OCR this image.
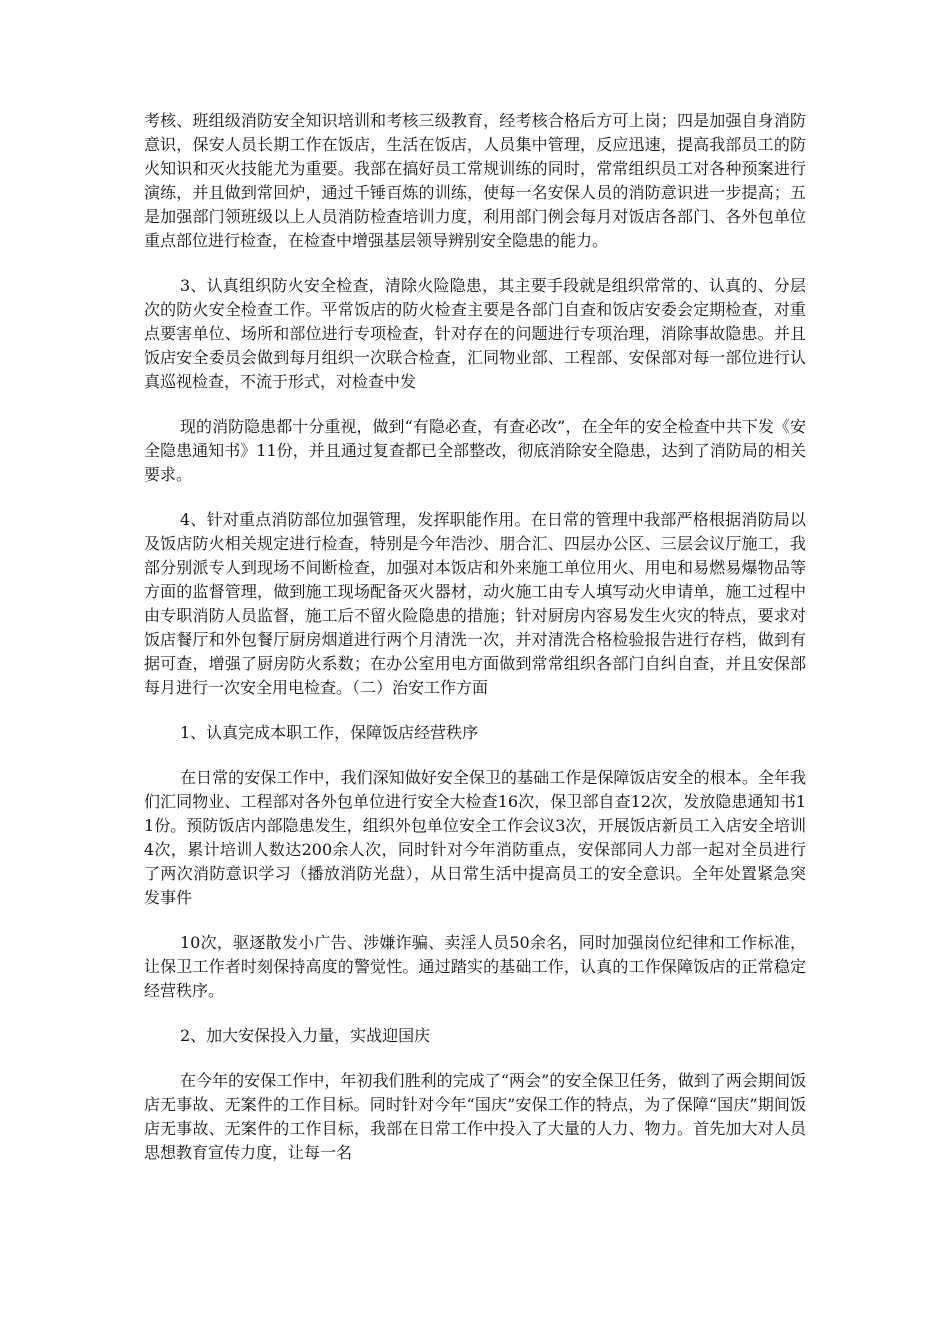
考核、班组级消防安全知识培训和考核三级教育，经考核合格后方可上岗；四是加强自身消防意识，保安人员长期工作在饭店，生活在饭店，人员集中管理，反应迅速，提高我部员工的防火知识和灭火技能尤为重要。我部在搞好员工常规训练的同时，常常组织员工对各种预案进行演练，并且做到常回炉，通过千锤百炼的训练，使每一名安保人员的消防意识进一步提高；五是加强部门领班级以上人员消防检查培训力度，利用部门例会每月对饭店各部门、各外包单位重点部位进行检查，在检查中增强基层领导辨别安全隐患的能力。

3、认真组织防火安全检查，清除火险隐患，其主要手段就是组织常常的、认真的、分层次的防火安全检查工作。平常饭店的防火检查主要是各部门自查和饭店安委会定期检查，对重点要害单位、场所和部位进行专项检查，针对存在的问题进行专项治理，消除事故隐患。并且饭店安全委员会做到每月组织一次联合检查，汇同物业部、工程部、安保部对每一部位进行认真巡视检查，不流于形式，对检查中发

现的消防隐患都十分重视，做到“有隐必查，有查必改”，在全年的安全检查中共下发《安全隐患通知书》11份，并且通过复查都已全部整改，彻底消除安全隐患，达到了消防局的相关要求。

4、针对重点消防部位加强管理，发挥职能作用。在日常的管理中我部严格根据消防局以及饭店防火相关规定进行检查，特别是今年浩沙、朋合汇、四层办公区、三层会议厅施工，我部分别派专人到现场不间断检查，加强对本饭店和外来施工单位用火、用电和易燃易爆物品等方面的监督管理，做到施工现场配备灭火器材，动火施工由专人填写动火申请单，施工过程中由专职消防人员监督，施工后不留火险隐患的措施；针对厨房内容易发生火灾的特点，要求对饭店餐厅和外包餐厅厨房烟道进行两个月清洗一次，并对清洗合格检验报告进行存档，做到有据可查，增强了厨房防火系数；在办公室用电方面做到常常组织各部门自纠自查，并且安保部每月进行一次安全用电检查。（二）治安工作方面

1、认真完成本职工作，保障饭店经营秩序

在日常的安保工作中，我们深知做好安全保卫的基础工作是保障饭店安全的根本。全年我们汇同物业、工程部对各外包单位进行安全大检查16次，保卫部自查12次，发放隐患通知书11份。预防饭店内部隐患发生，组织外包单位安全工作会议3次，开展饭店新员工入店安全培训4次，累计培训人数达200余人次，同时针对今年消防重点，安保部同人力部一起对全员进行了两次消防意识学习（播放消防光盘），从日常生活中提高员工的安全意识。全年处置紧急突发事件

10次，驱逐散发小广告、涉嫌诈骗、卖淫人员50余名，同时加强岗位纪律和工作标准，让保卫工作者时刻保持高度的警觉性。通过踏实的基础工作，认真的工作保障饭店的正常稳定经营秩序。

2、加大安保投入力量，实战迎国庆

在今年的安保工作中，年初我们胜利的完成了“两会”的安全保卫任务，做到了两会期间饭店无事故、无案件的工作目标。同时针对今年“国庆”安保工作的特点，为了保障“国庆”期间饭店无事故、无案件的工作目标，我部在日常工作中投入了大量的人力、物力。首先加大对人员思想教育宣传力度，让每一名
